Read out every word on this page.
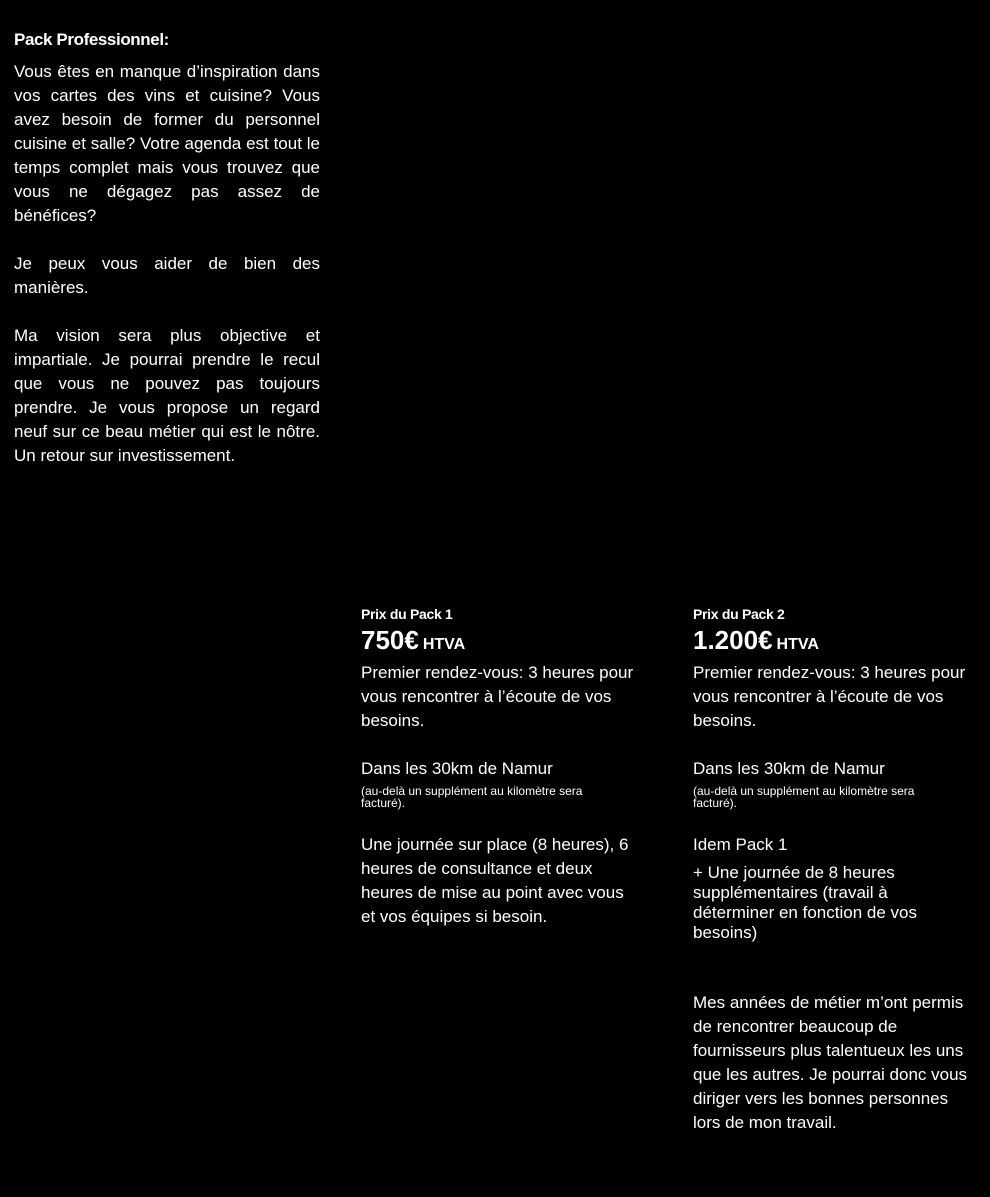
Pack Professionnel:

Vous êtes en manque d’inspiration dans vos cartes des vins et cuisine? Vous avez besoin de former du personnel cuisine et salle? Votre agenda est tout le temps complet mais vous trouvez que vous ne dégagez pas assez de bénéfices?

Je peux vous aider de bien des manières.

Ma vision sera plus objective et impartiale. Je pourrai prendre le recul que vous ne pouvez pas toujours prendre. Je vous propose un regard neuf sur ce beau métier qui est le nôtre. Un retour sur investissement.

Prix du Pack 1

750€ HTVA

Premier rendez-vous: 3 heures pour vous rencontrer à l’écoute de vos besoins.

Dans les 30km de Namur

(au-delà un supplément au kilomètre sera facturé).

Une journée sur place (8 heures), 6 heures de consultance et deux heures de mise au point avec vous et vos équipes si besoin.

Prix du Pack 2

1.200€ HTVA

Premier rendez-vous: 3 heures pour vous rencontrer à l’écoute de vos besoins.

Dans les 30km de Namur

(au-delà un supplément au kilomètre sera facturé).

Idem Pack 1

+ Une journée de 8 heures supplémentaires (travail à déterminer en fonction de vos besoins)

Mes années de métier m’ont permis de rencontrer beaucoup de fournisseurs plus talentueux les uns que les autres. Je pourrai donc vous diriger vers les bonnes personnes lors de mon travail.
